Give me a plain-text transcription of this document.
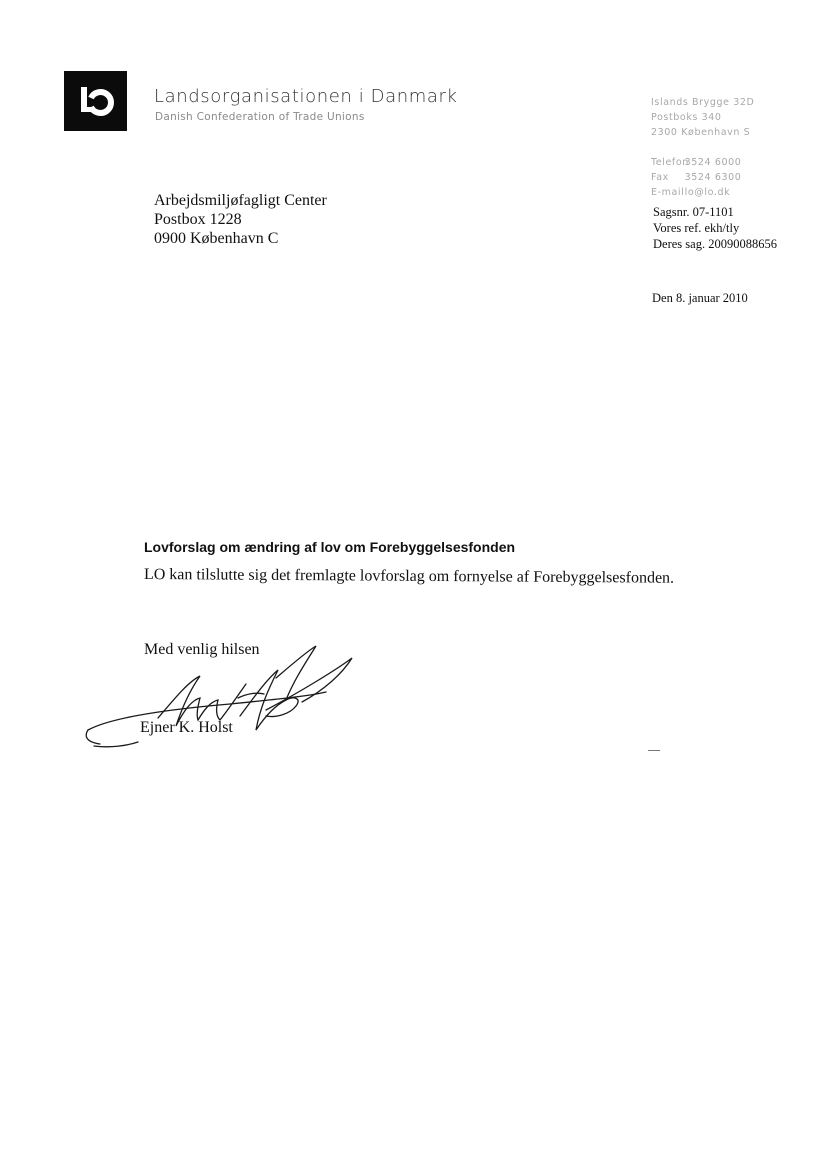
Landsorganisationen i Danmark
Danish Confederation of Trade Unions
Islands Brygge 32D
Postboks 340
2300 København S
Telefon 3524 6000
Fax 3524 6300
E-mail lo@lo.dk
Arbejdsmiljøfagligt Center
Postbox 1228
0900 København C
Sagsnr. 07-1101
Vores ref. ekh/tly
Deres sag. 20090088656
Den 8. januar 2010
Lovforslag om ændring af lov om Forebyggelsesfonden
LO kan tilslutte sig det fremlagte lovforslag om fornyelse af Forebyggelsesfonden.
Med venlig hilsen
Ejner K. Holst
